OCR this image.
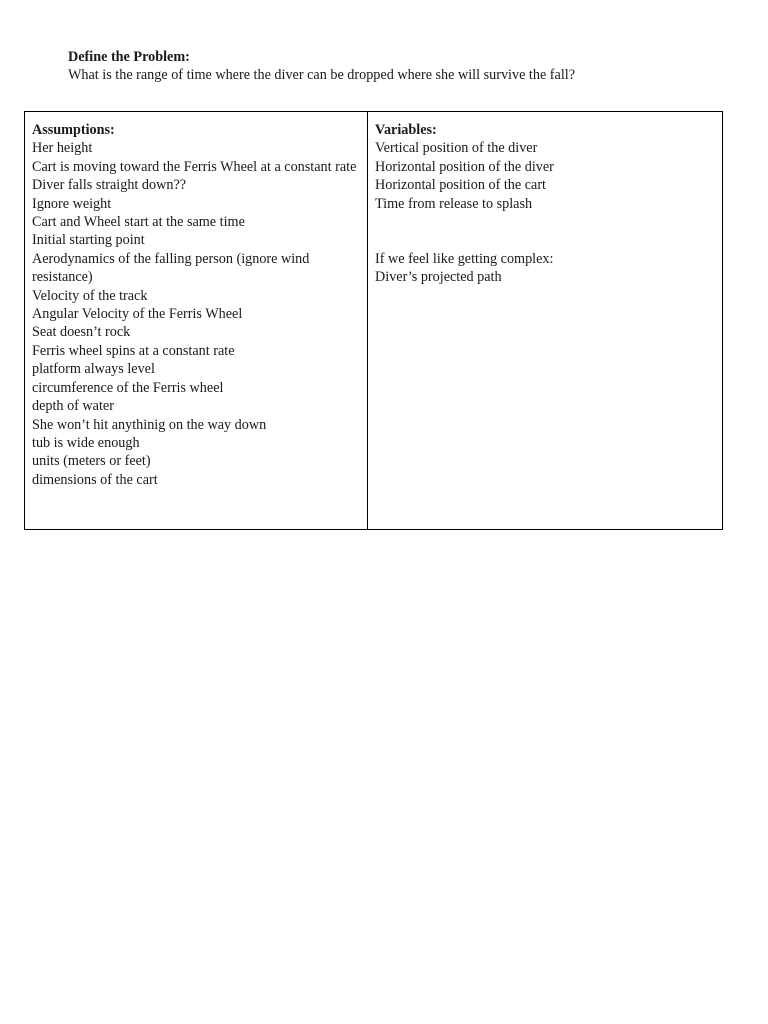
Define the Problem:
What is the range of time where the diver can be dropped where she will survive the fall?
Assumptions:
Her height
Cart is moving toward the Ferris Wheel at a constant rate
Diver falls straight down??
Ignore weight
Cart and Wheel start at the same time
Initial starting point
Aerodynamics of the falling person (ignore wind resistance)
Velocity of the track
Angular Velocity of the Ferris Wheel
Seat doesn’t rock
Ferris wheel spins at a constant rate
platform always level
circumference of the Ferris wheel
depth of water
She won’t hit anythinig on the way down
tub is wide enough
units (meters or feet)
dimensions of the cart
Variables:
Vertical position of the diver
Horizontal position of the diver
Horizontal position of the cart
Time from release to splash
If we feel like getting complex:
Diver’s projected path
